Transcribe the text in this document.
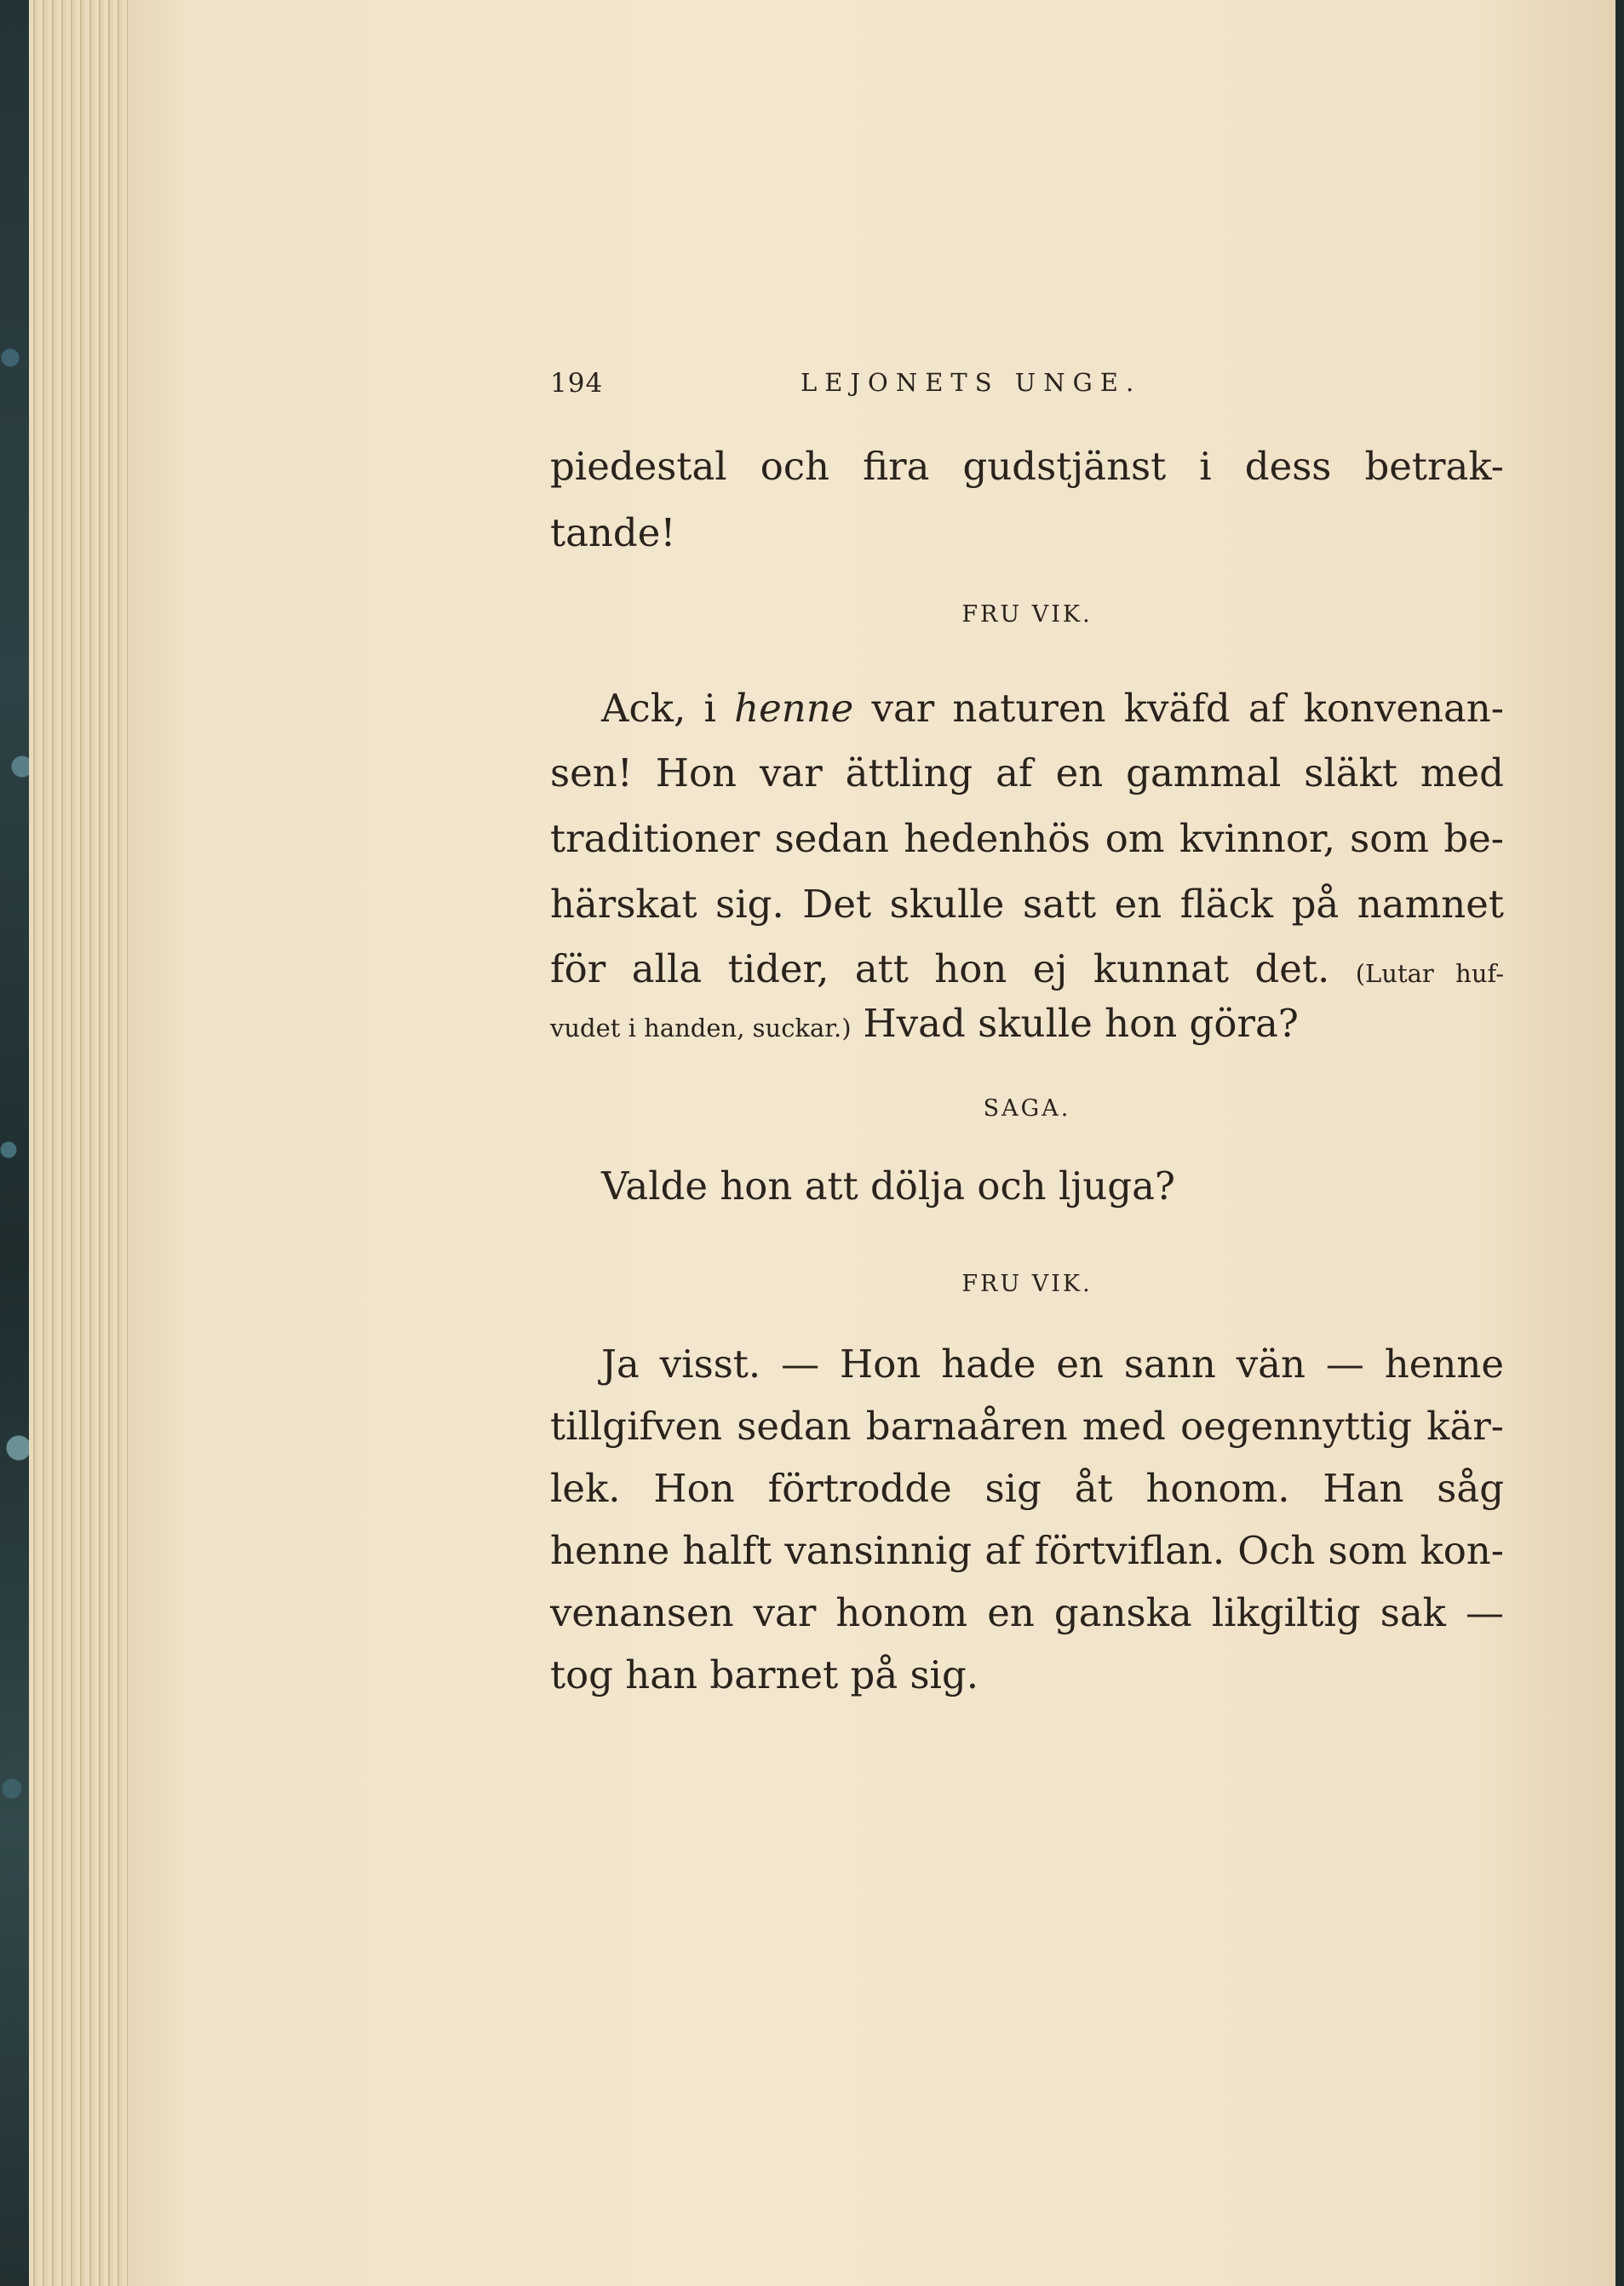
194	LEJONETS UNGE.
piedestal och fira gudstjänst i dess betrak-
tande!
FRU VIK.
Ack, i henne var naturen kväfd af konvenan-
sen! Hon var ättling af en gammal släkt med
traditioner sedan hedenhös om kvinnor, som be-
härskat sig. Det skulle satt en fläck på namnet
för alla tider, att hon ej kunnat det. (Lutar huf-
vudet i handen, suckar.) Hvad skulle hon göra?
SAGA.
Valde hon att dölja och ljuga?
FRU VIK.
Ja visst. — Hon hade en sann vän — henne
tillgifven sedan barnaåren med oegennyttig kär-
lek. Hon förtrodde sig åt honom. Han såg
henne halft vansinnig af förtviflan. Och som kon-
venansen var honom en ganska likgiltig sak —
tog han barnet på sig.
